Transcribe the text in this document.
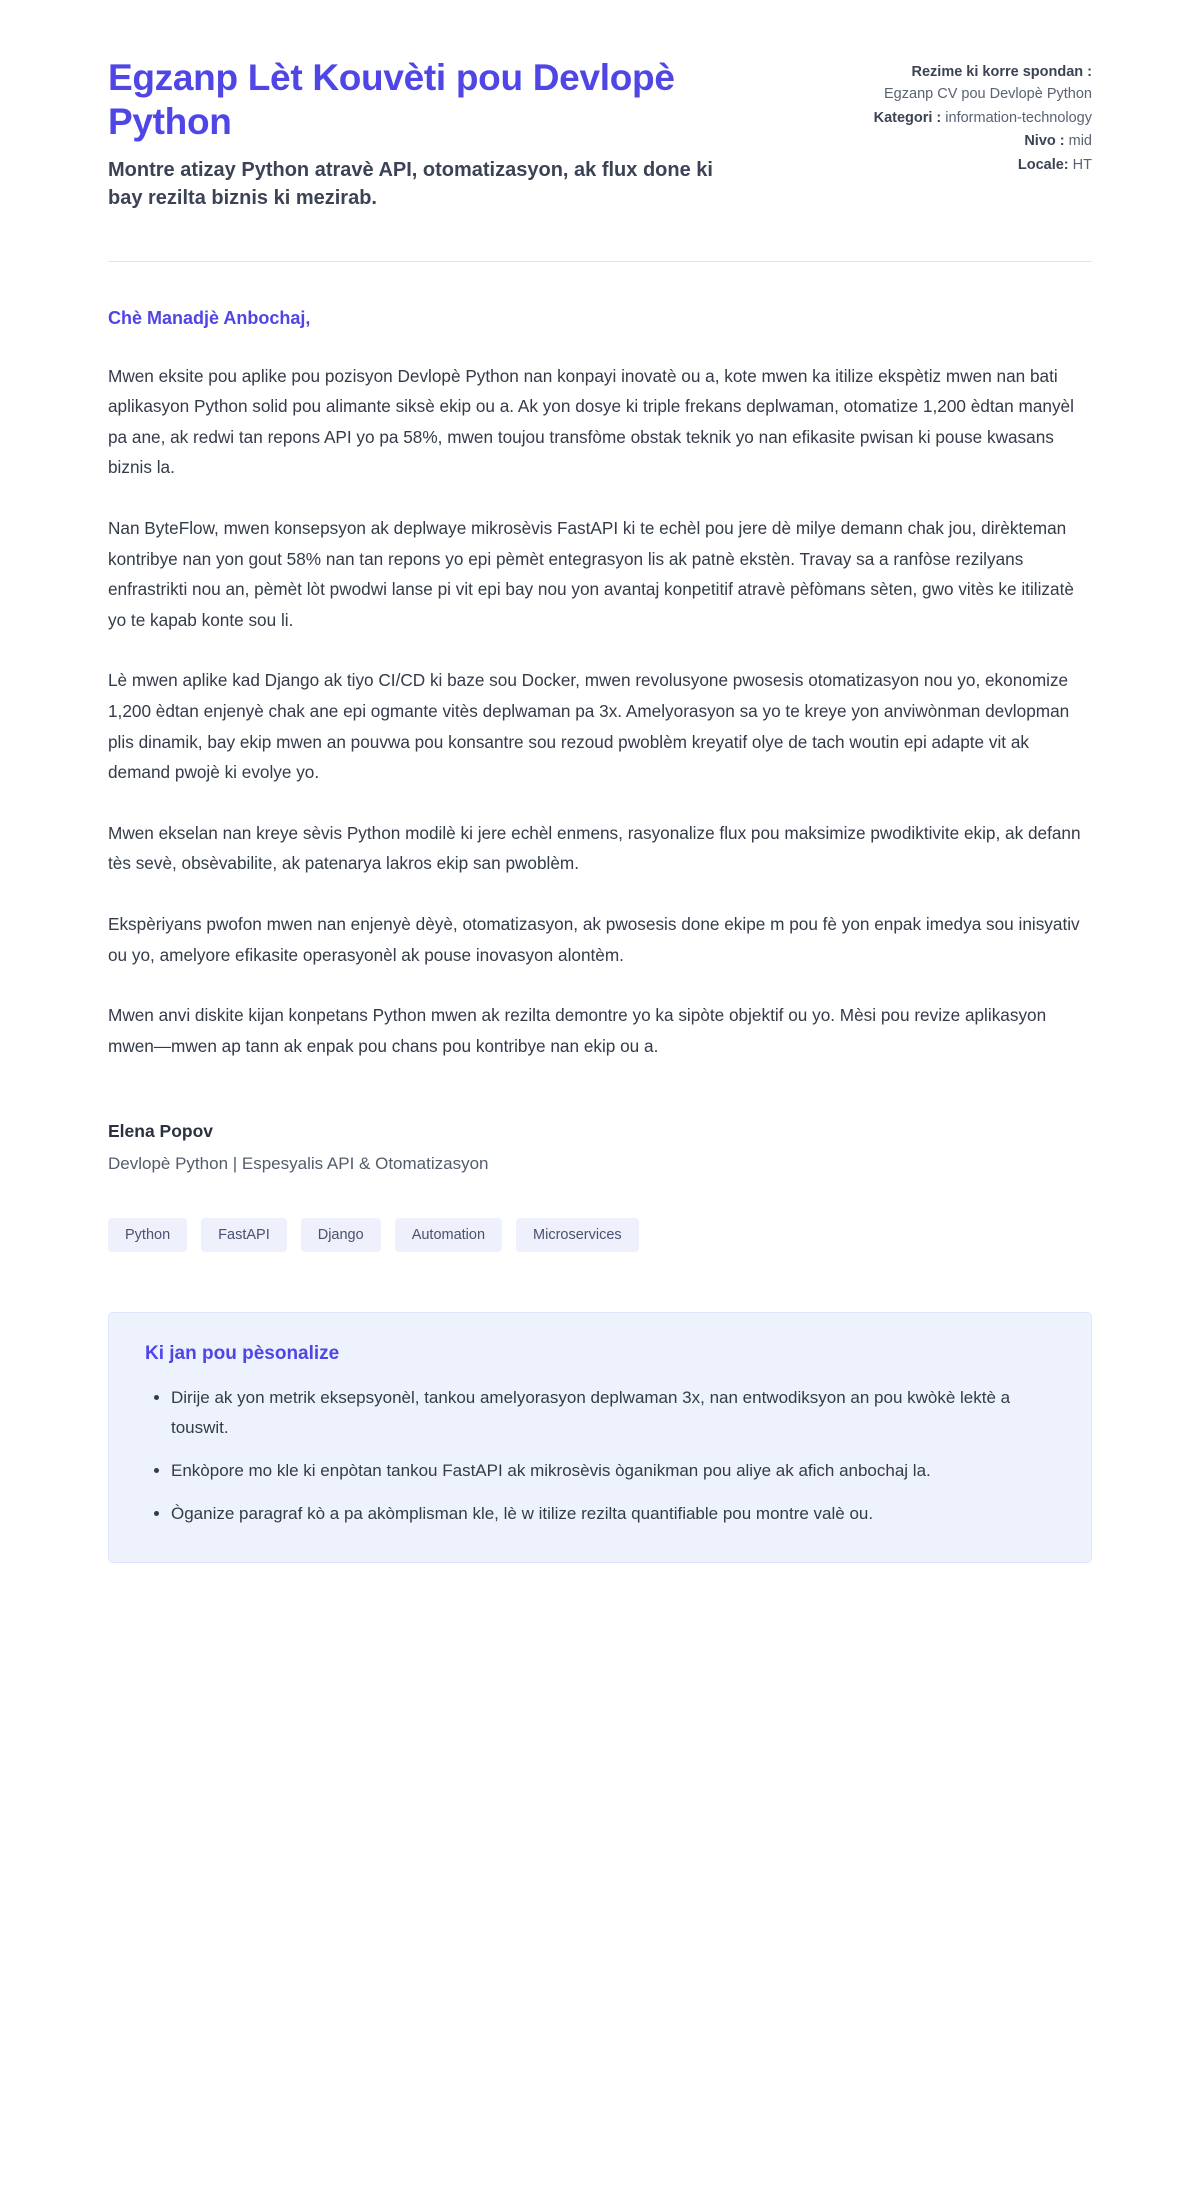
Egzanp Lèt Kouvèti pou Devlopè Python

Montre atizay Python atravè API, otomatizasyon, ak flux done ki bay rezilta biznis ki mezirab.

Rezime ki korre spondan :
Egzanp CV pou Devlopè Python
Kategori : information-technology
Nivo : mid
Locale: HT
Chè Manadjè Anbochaj,

Mwen eksite pou aplike pou pozisyon Devlopè Python nan konpayi inovatè ou a, kote mwen ka itilize ekspètiz mwen nan bati aplikasyon Python solid pou alimante siksè ekip ou a. Ak yon dosye ki triple frekans deplwaman, otomatize 1,200 èdtan manyèl pa ane, ak redwi tan repons API yo pa 58%, mwen toujou transfòme obstak teknik yo nan efikasite pwisan ki pouse kwasans biznis la.

Nan ByteFlow, mwen konsepsyon ak deplwaye mikrosèvis FastAPI ki te echèl pou jere dè milye demann chak jou, dirèkteman kontribye nan yon gout 58% nan tan repons yo epi pèmèt entegrasyon lis ak patnè ekstèn. Travay sa a ranfòse rezilyans enfrastrikti nou an, pèmèt lòt pwodwi lanse pi vit epi bay nou yon avantaj konpetitif atravè pèfòmans sèten, gwo vitès ke itilizatè yo te kapab konte sou li.

Lè mwen aplike kad Django ak tiyo CI/CD ki baze sou Docker, mwen revolusyone pwosesis otomatizasyon nou yo, ekonomize 1,200 èdtan enjenyè chak ane epi ogmante vitès deplwaman pa 3x. Amelyorasyon sa yo te kreye yon anviwònman devlopman plis dinamik, bay ekip mwen an pouvwa pou konsantre sou rezoud pwoblèm kreyatif olye de tach woutin epi adapte vit ak demand pwojè ki evolye yo.

Mwen ekselan nan kreye sèvis Python modilè ki jere echèl enmens, rasyonalize flux pou maksimize pwodiktivite ekip, ak defann tès sevè, obsèvabilite, ak patenarya lakros ekip san pwoblèm.

Ekspèriyans pwofon mwen nan enjenyè dèyè, otomatizasyon, ak pwosesis done ekipe m pou fè yon enpak imedya sou inisyativ ou yo, amelyore efikasite operasyonèl ak pouse inovasyon alontèm.

Mwen anvi diskite kijan konpetans Python mwen ak rezilta demontre yo ka sipòte objektif ou yo. Mèsi pou revize aplikasyon mwen—mwen ap tann ak enpak pou chans pou kontribye nan ekip ou a.

Elena Popov
Devlopè Python | Espesyalis API & Otomatizasyon
Python	FastAPI	Django	Automation	Microservices
Ki jan pou pèsonalize
• Dirije ak yon metrik eksepsyonèl, tankou amelyorasyon deplwaman 3x, nan entwodiksyon an pou kwòkè lektè a touswit.
• Enkòpore mo kle ki enpòtan tankou FastAPI ak mikrosèvis òganikman pou aliye ak afich anbochaj la.
• Òganize paragraf kò a pa akòmplisman kle, lè w itilize rezilta quantifiable pou montre valè ou.
